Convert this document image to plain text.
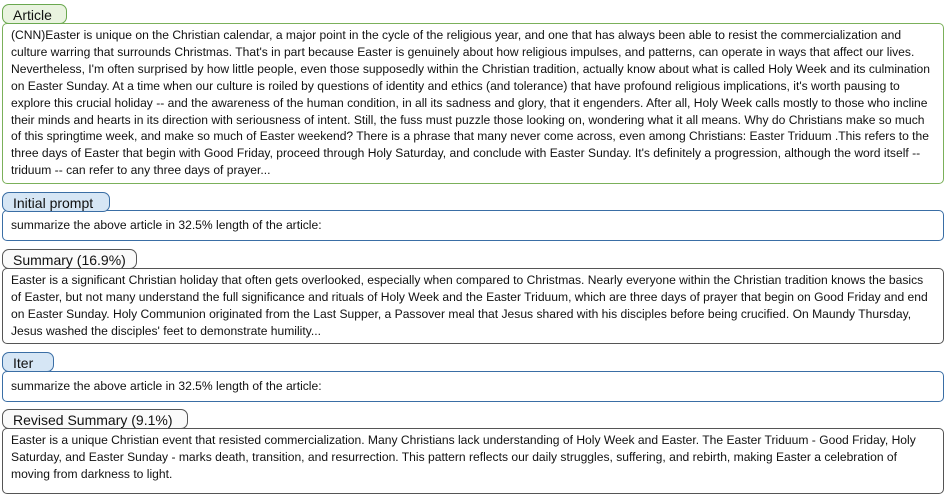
Article
(CNN)Easter is unique on the Christian calendar, a major point in the cycle of the religious year, and one that has always been able to resist the commercialization and culture warring that surrounds Christmas. That's in part because Easter is genuinely about how religious impulses, and patterns, can operate in ways that affect our lives. Nevertheless, I'm often surprised by how little people, even those supposedly within the Christian tradition, actually know about what is called Holy Week and its culmination on Easter Sunday. At a time when our culture is roiled by questions of identity and ethics (and tolerance) that have profound religious implications, it's worth pausing to explore this crucial holiday -- and the awareness of the human condition, in all its sadness and glory, that it engenders. After all, Holy Week calls mostly to those who incline their minds and hearts in its direction with seriousness of intent. Still, the fuss must puzzle those looking on, wondering what it all means. Why do Christians make so much of this springtime week, and make so much of Easter weekend? There is a phrase that many never come across, even among Christians: Easter Triduum .This refers to the three days of Easter that begin with Good Friday, proceed through Holy Saturday, and conclude with Easter Sunday. It's definitely a progression, although the word itself -- triduum -- can refer to any three days of prayer...
Initial prompt
summarize the above article in 32.5% length of the article:
Summary (16.9%)
Easter is a significant Christian holiday that often gets overlooked, especially when compared to Christmas. Nearly everyone within the Christian tradition knows the basics of Easter, but not many understand the full significance and rituals of Holy Week and the Easter Triduum, which are three days of prayer that begin on Good Friday and end on Easter Sunday. Holy Communion originated from the Last Supper, a Passover meal that Jesus shared with his disciples before being crucified. On Maundy Thursday, Jesus washed the disciples' feet to demonstrate humility...
Iter
summarize the above article in 32.5% length of the article:
Revised Summary (9.1%)
Easter is a unique Christian event that resisted commercialization. Many Christians lack understanding of Holy Week and Easter. The Easter Triduum - Good Friday, Holy Saturday, and Easter Sunday - marks death, transition, and resurrection. This pattern reflects our daily struggles, suffering, and rebirth, making Easter a celebration of moving from darkness to light.
